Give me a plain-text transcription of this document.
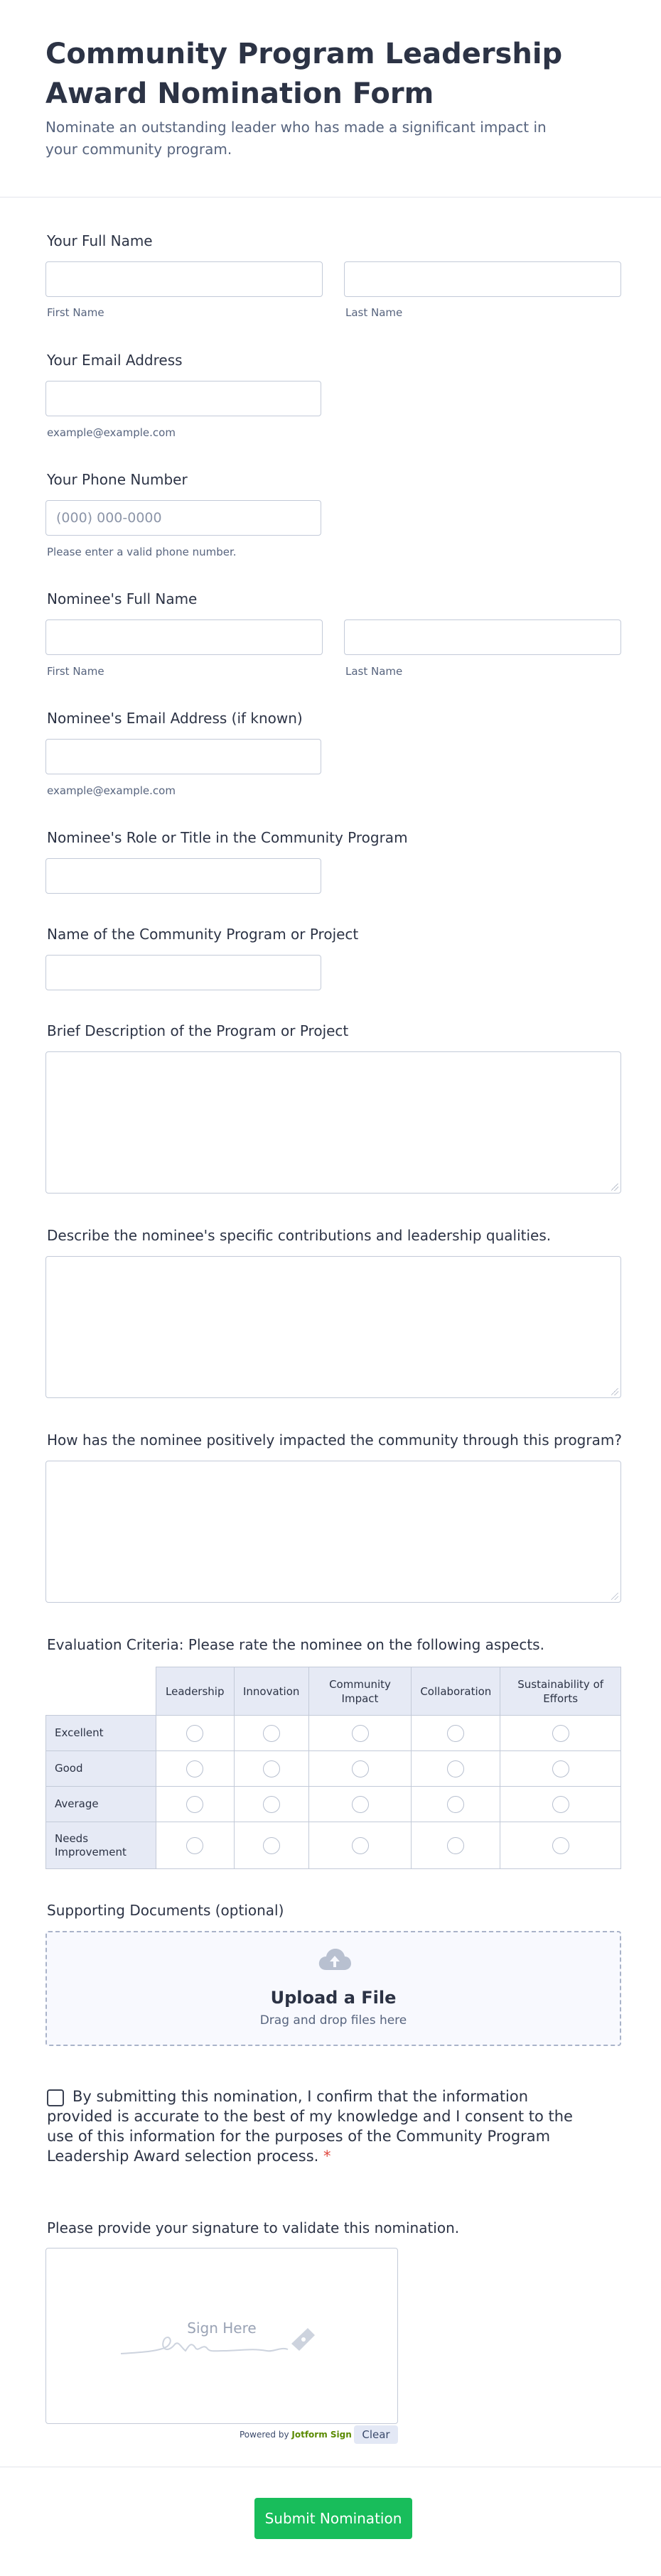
Community Program Leadership Award Nomination Form
Nominate an outstanding leader who has made a significant impact in your community program.
Your Full Name
First Name	Last Name
Your Email Address
example@example.com
Your Phone Number
(000) 000-0000
Please enter a valid phone number.
Nominee's Full Name
First Name	Last Name
Nominee's Email Address (if known)
example@example.com
Nominee's Role or Title in the Community Program
Name of the Community Program or Project
Brief Description of the Program or Project
Describe the nominee's specific contributions and leadership qualities.
How has the nominee positively impacted the community through this program?
Evaluation Criteria: Please rate the nominee on the following aspects.
	Leadership	Innovation	Community Impact	Collaboration	Sustainability of Efforts
Excellent					
Good					
Average					
Needs Improvement					
Supporting Documents (optional)
Upload a File
Drag and drop files here
By submitting this nomination, I confirm that the information provided is accurate to the best of my knowledge and I consent to the use of this information for the purposes of the Community Program Leadership Award selection process. *
Please provide your signature to validate this nomination.
Sign Here
Powered by Jotform Sign Clear
Submit Nomination
